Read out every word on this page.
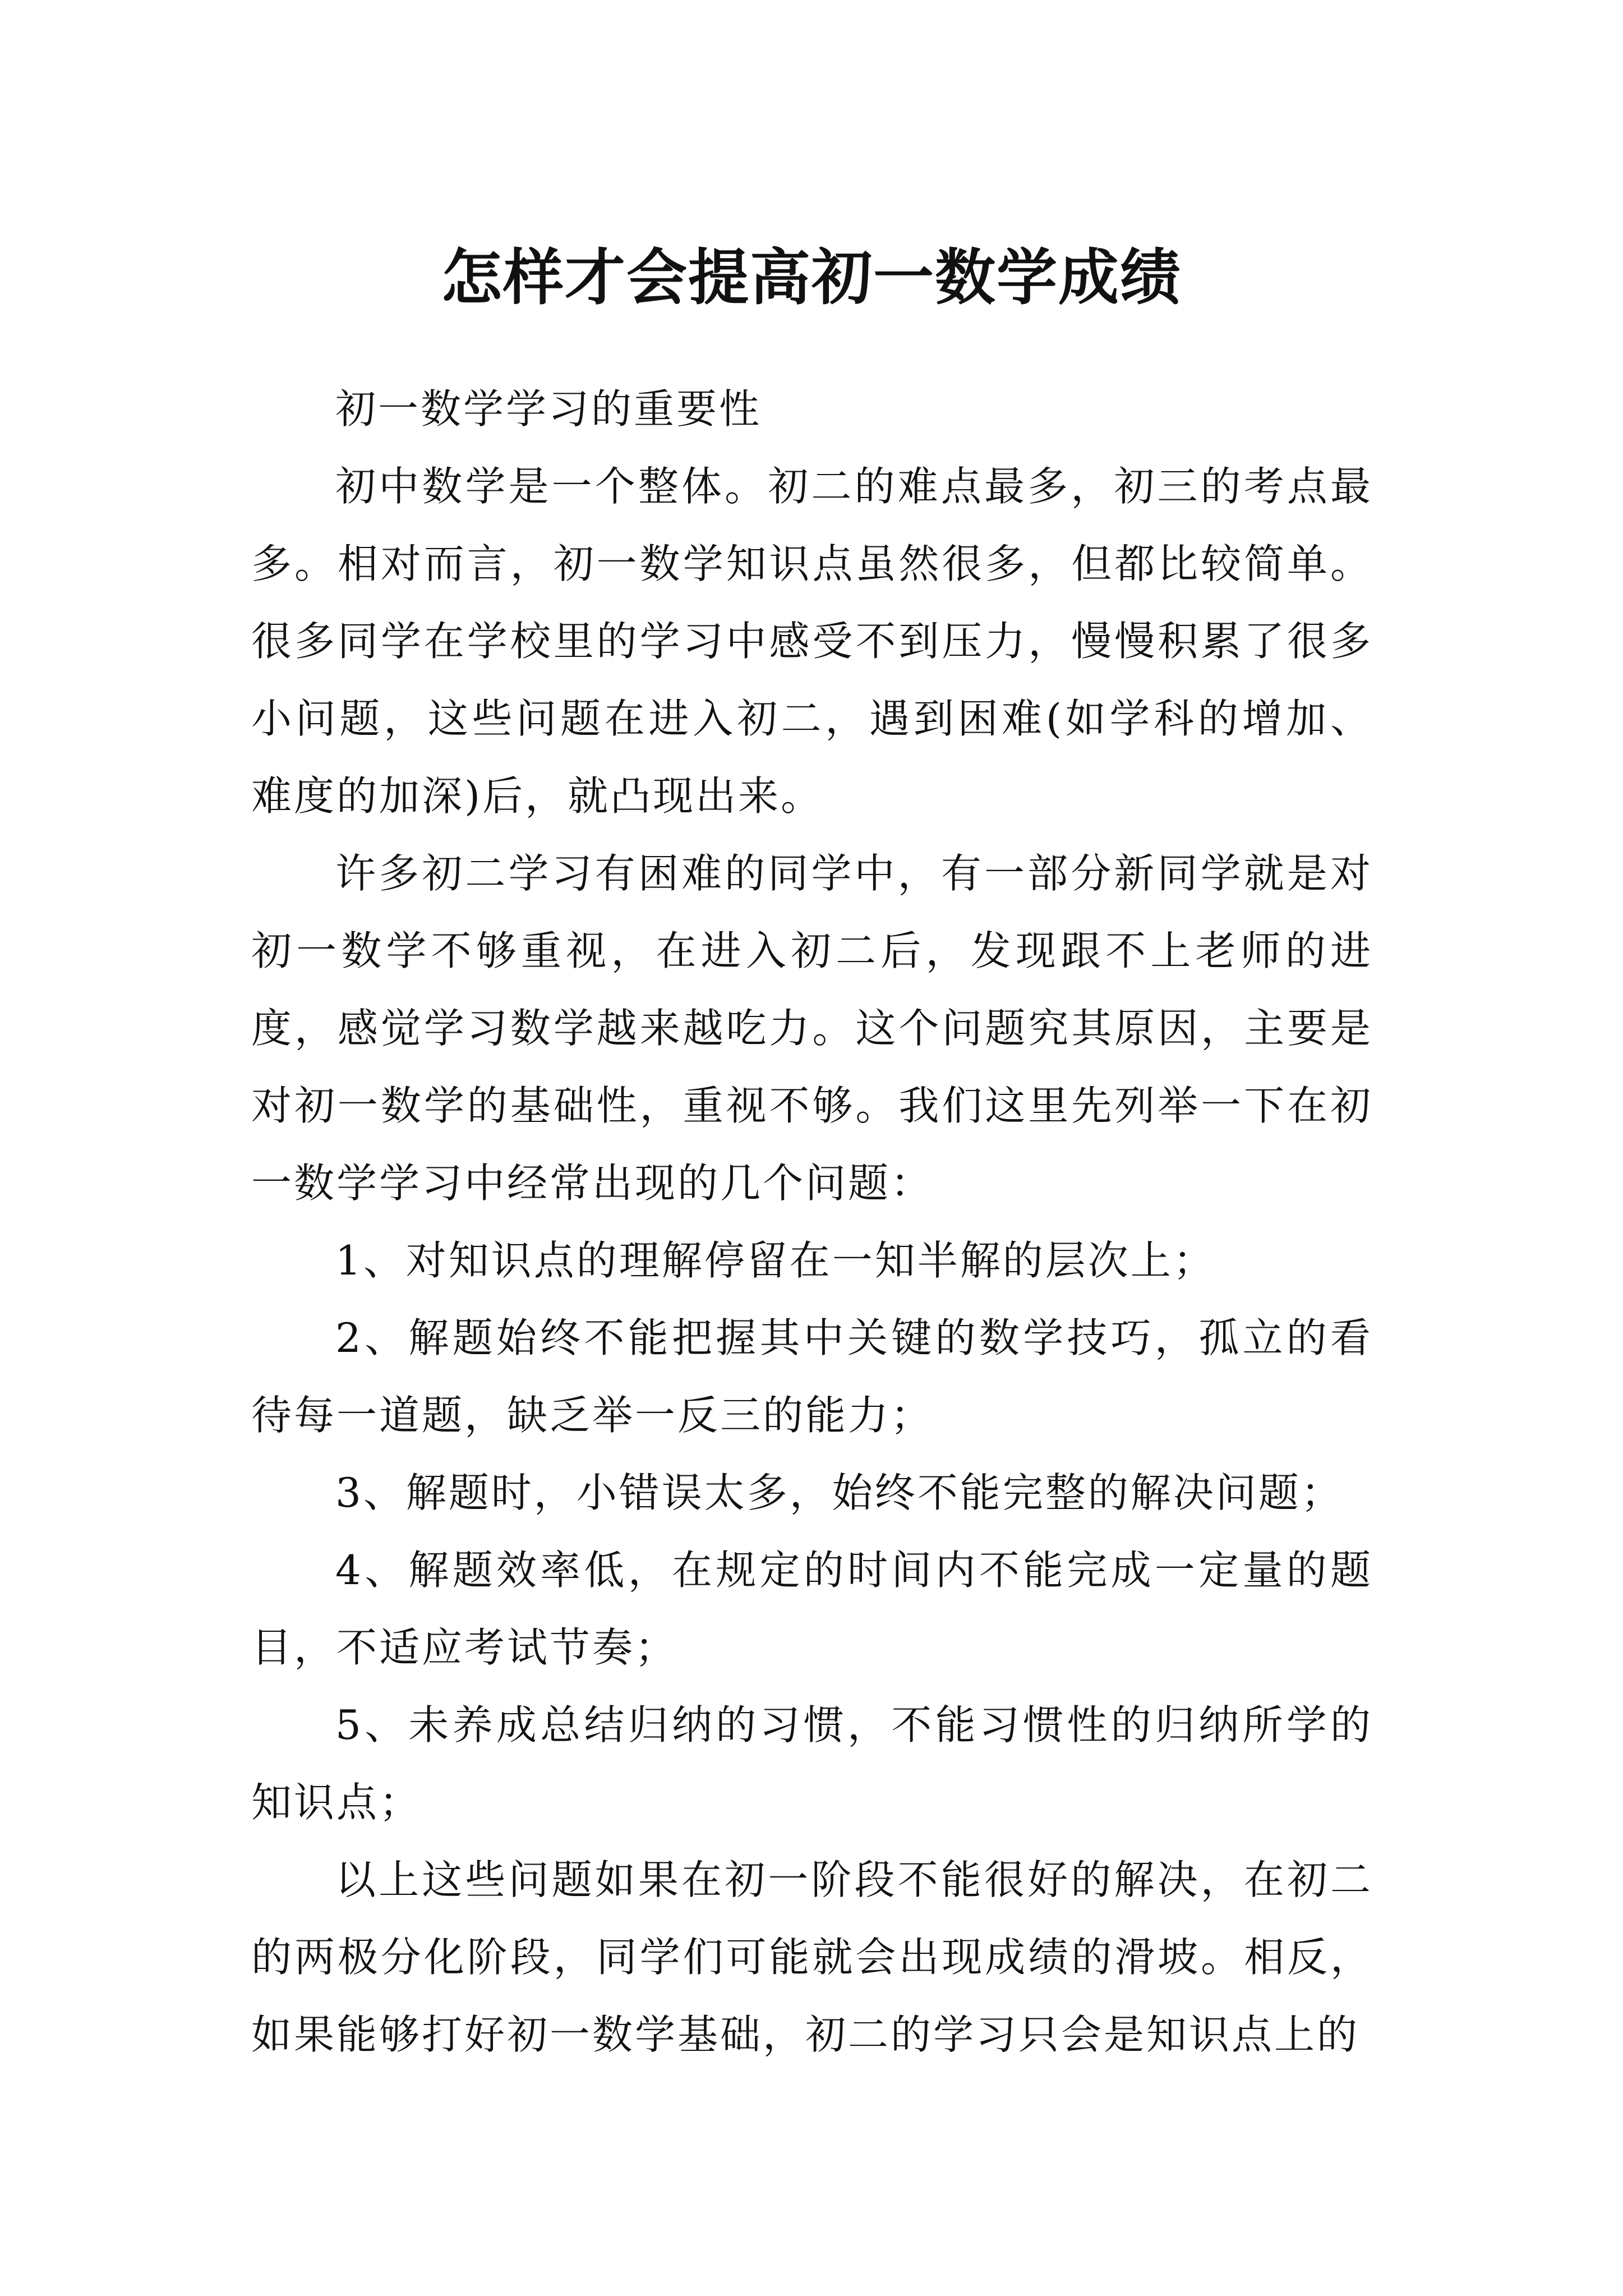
怎样才会提高初一数学成绩

初一数学学习的重要性

初中数学是一个整体。初二的难点最多，初三的考点最多。相对而言，初一数学知识点虽然很多，但都比较简单。很多同学在学校里的学习中感受不到压力，慢慢积累了很多小问题，这些问题在进入初二，遇到困难(如学科的增加、难度的加深)后，就凸现出来。

许多初二学习有困难的同学中，有一部分新同学就是对初一数学不够重视，在进入初二后，发现跟不上老师的进度，感觉学习数学越来越吃力。这个问题究其原因，主要是对初一数学的基础性，重视不够。我们这里先列举一下在初一数学学习中经常出现的几个问题：

1、对知识点的理解停留在一知半解的层次上；

2、解题始终不能把握其中关键的数学技巧，孤立的看待每一道题，缺乏举一反三的能力；

3、解题时，小错误太多，始终不能完整的解决问题；

4、解题效率低，在规定的时间内不能完成一定量的题目，不适应考试节奏；

5、未养成总结归纳的习惯，不能习惯性的归纳所学的知识点；

以上这些问题如果在初一阶段不能很好的解决，在初二的两极分化阶段，同学们可能就会出现成绩的滑坡。相反，如果能够打好初一数学基础，初二的学习只会是知识点上的
